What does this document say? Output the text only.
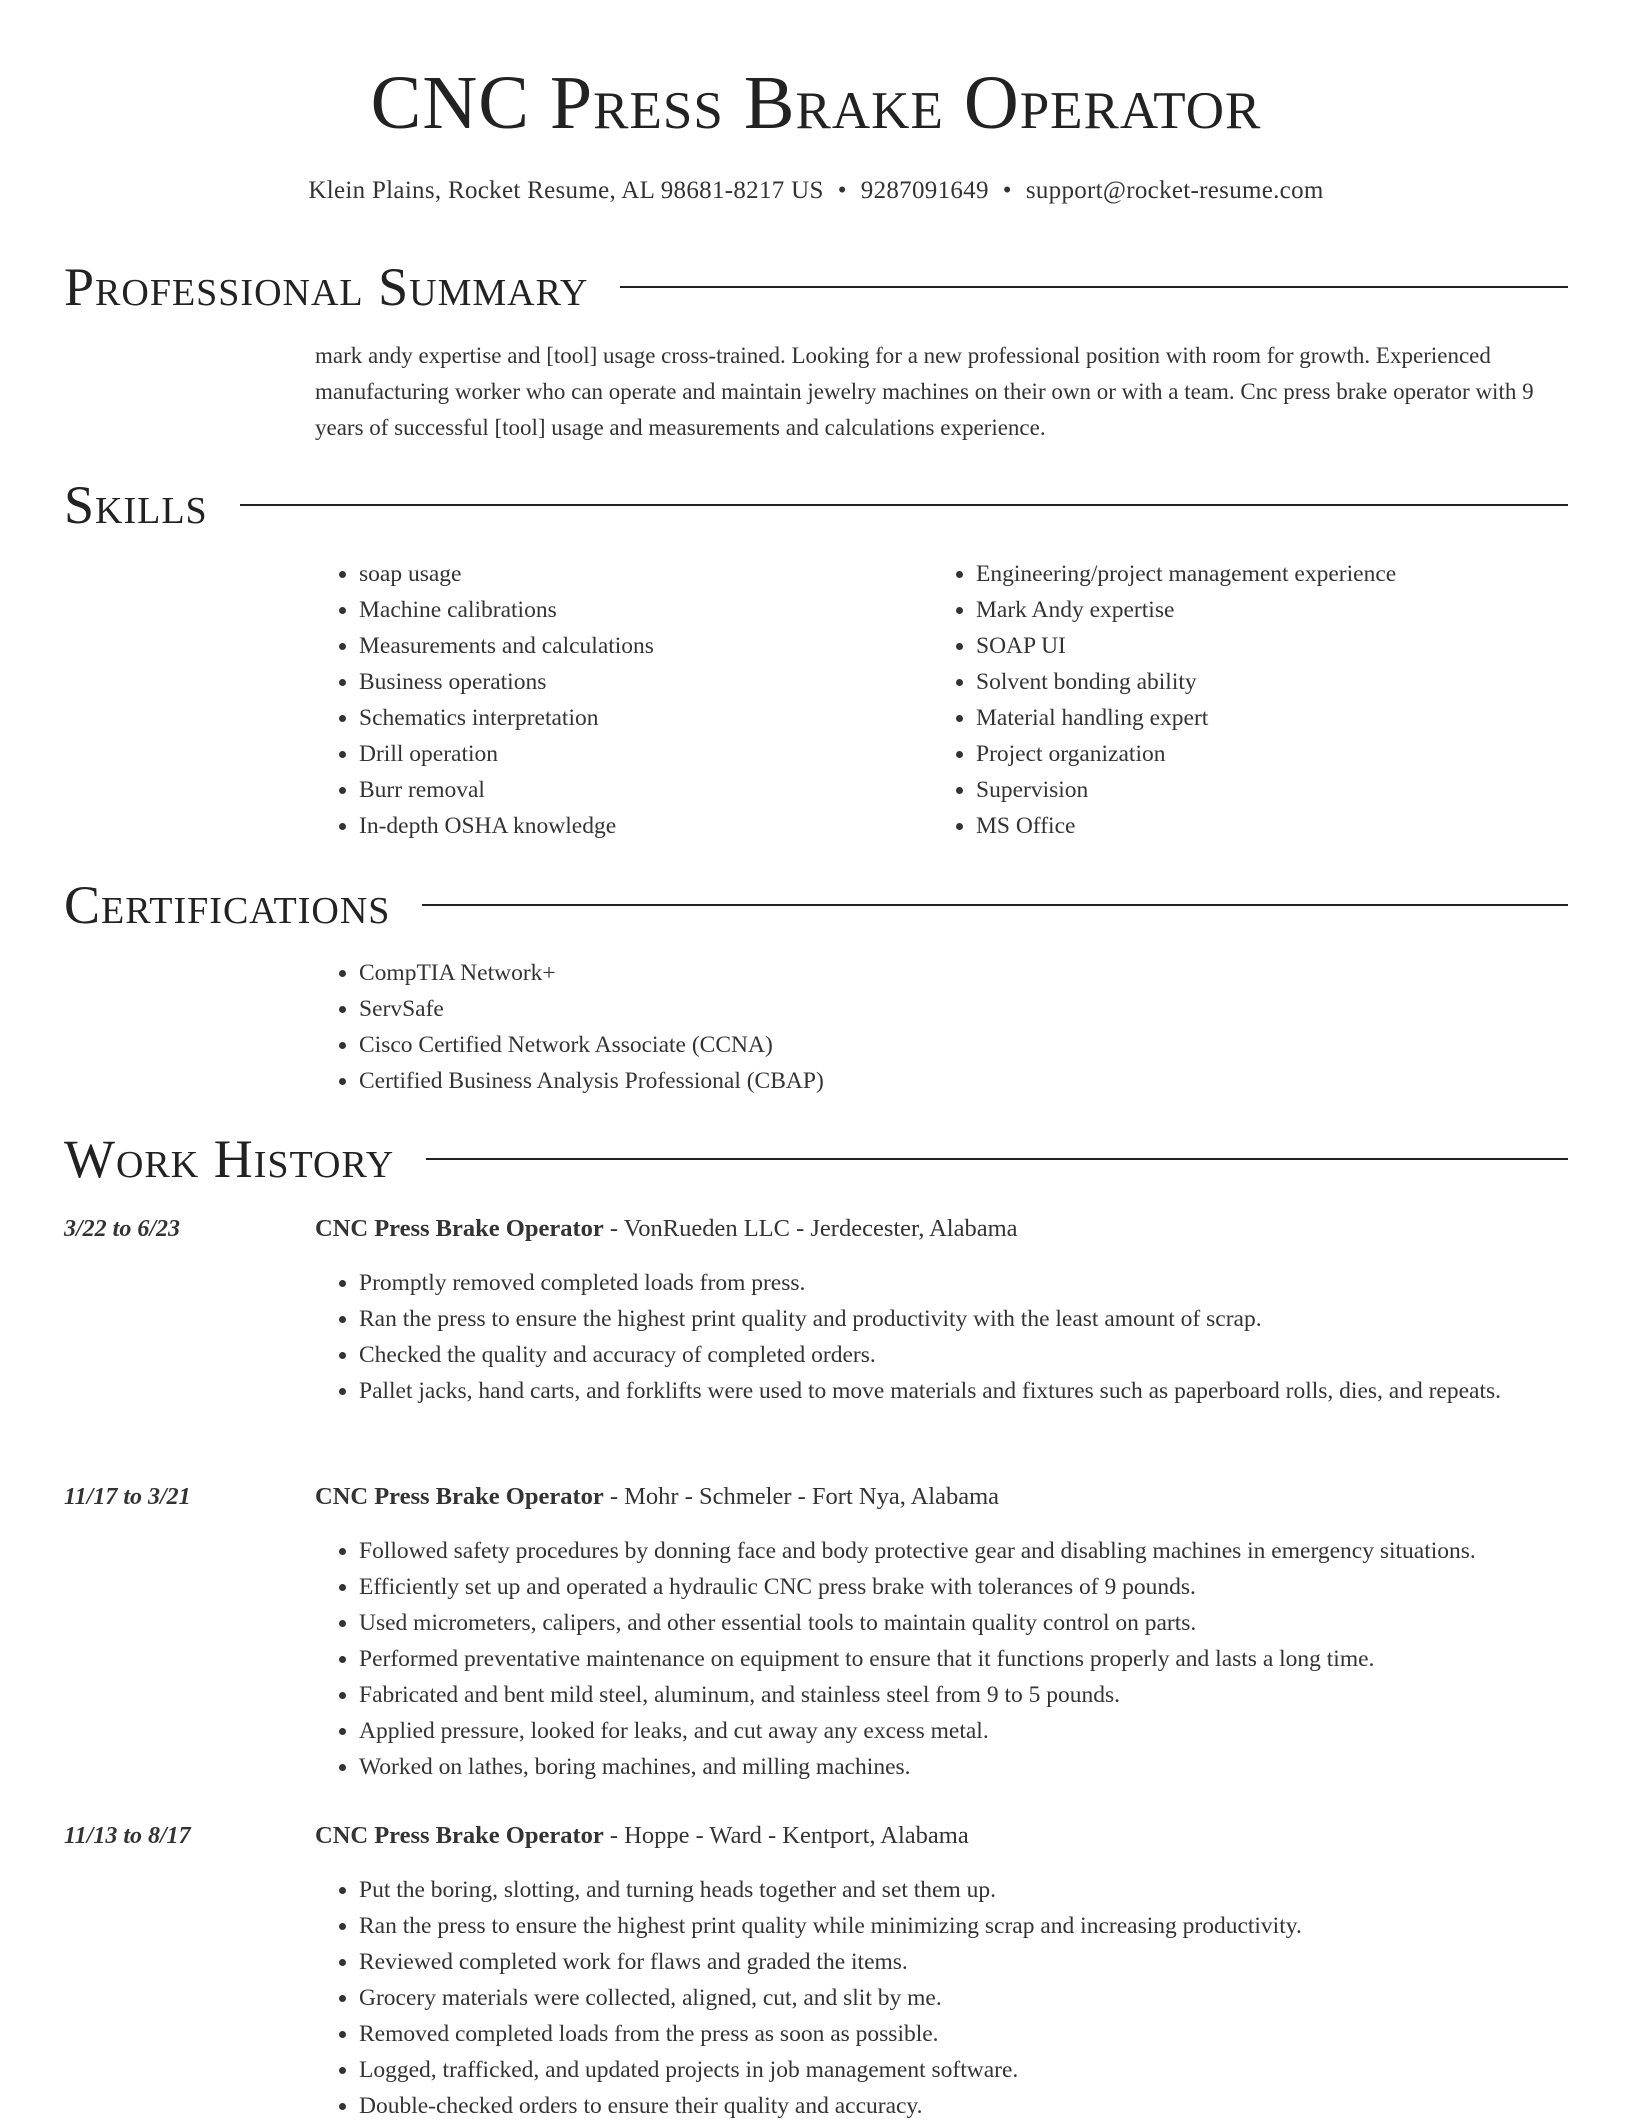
CNC Press Brake Operator
Klein Plains, Rocket Resume, AL 98681-8217 US • 9287091649 • support@rocket-resume.com
Professional Summary
mark andy expertise and [tool] usage cross-trained. Looking for a new professional position with room for growth. Experienced manufacturing worker who can operate and maintain jewelry machines on their own or with a team. Cnc press brake operator with 9 years of successful [tool] usage and measurements and calculations experience.
Skills
• soap usage
• Machine calibrations
• Measurements and calculations
• Business operations
• Schematics interpretation
• Drill operation
• Burr removal
• In-depth OSHA knowledge
• Engineering/project management experience
• Mark Andy expertise
• SOAP UI
• Solvent bonding ability
• Material handling expert
• Project organization
• Supervision
• MS Office
Certifications
• CompTIA Network+
• ServSafe
• Cisco Certified Network Associate (CCNA)
• Certified Business Analysis Professional (CBAP)
Work History
3/22 to 6/23	CNC Press Brake Operator - VonRueden LLC - Jerdecester, Alabama
• Promptly removed completed loads from press.
• Ran the press to ensure the highest print quality and productivity with the least amount of scrap.
• Checked the quality and accuracy of completed orders.
• Pallet jacks, hand carts, and forklifts were used to move materials and fixtures such as paperboard rolls, dies, and repeats.
11/17 to 3/21	CNC Press Brake Operator - Mohr - Schmeler - Fort Nya, Alabama
• Followed safety procedures by donning face and body protective gear and disabling machines in emergency situations.
• Efficiently set up and operated a hydraulic CNC press brake with tolerances of 9 pounds.
• Used micrometers, calipers, and other essential tools to maintain quality control on parts.
• Performed preventative maintenance on equipment to ensure that it functions properly and lasts a long time.
• Fabricated and bent mild steel, aluminum, and stainless steel from 9 to 5 pounds.
• Applied pressure, looked for leaks, and cut away any excess metal.
• Worked on lathes, boring machines, and milling machines.
11/13 to 8/17	CNC Press Brake Operator - Hoppe - Ward - Kentport, Alabama
• Put the boring, slotting, and turning heads together and set them up.
• Ran the press to ensure the highest print quality while minimizing scrap and increasing productivity.
• Reviewed completed work for flaws and graded the items.
• Grocery materials were collected, aligned, cut, and slit by me.
• Removed completed loads from the press as soon as possible.
• Logged, trafficked, and updated projects in job management software.
• Double-checked orders to ensure their quality and accuracy.
